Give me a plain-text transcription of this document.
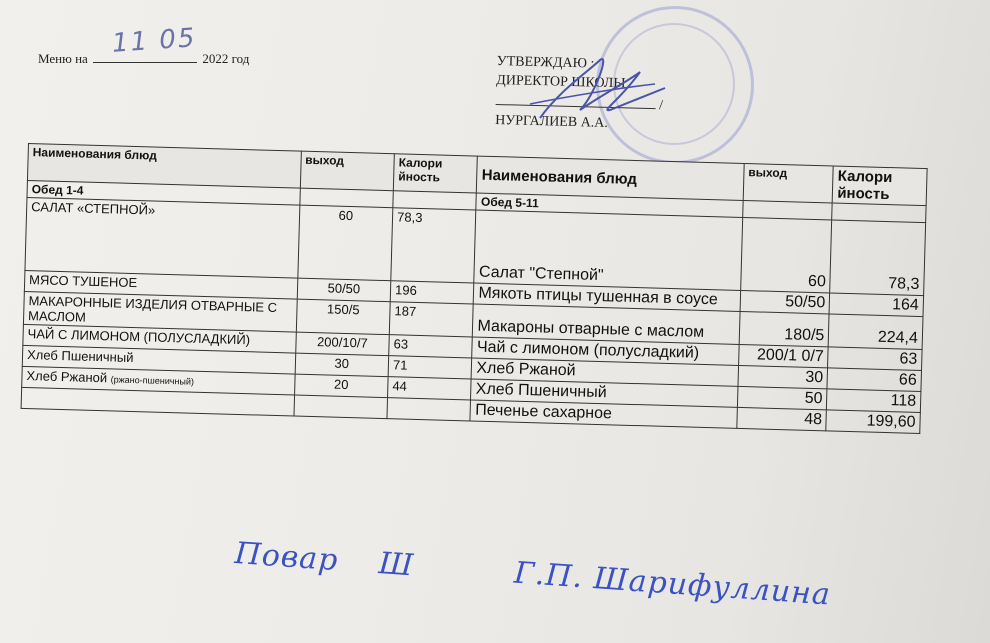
Меню на	2022 год
11 05
УТВЕРЖДАЮ :
ДИРЕКТОР ШКОЛЫ
/
НУРГАЛИЕВ А.А.
Наименования блюд	выход	Калори йность	Наименования блюд	выход	Калори йность
Обед 1-4			Обед 5-11		
САЛАТ «СТЕПНОЙ»	60	78,3	Салат "Степной"	60	78,3
МЯСО ТУШЕНОЕ	50/50	196	Мякоть птицы тушенная в соусе	50/50	164
МАКАРОННЫЕ ИЗДЕЛИЯ ОТВАРНЫЕ С МАСЛОМ	150/5	187	Макароны отварные с маслом	180/5	224,4
ЧАЙ С ЛИМОНОМ (ПОЛУСЛАДКИЙ)	200/10/7	63	Чай с лимоном (полусладкий)	200/1 0/7	63
Хлеб Пшеничный	30	71	Хлеб Ржаной	30	66
Хлеб Ржаной (ржано-пшеничный)	20	44	Хлеб Пшеничный	50	118
			Печенье сахарное	48	199,60
Повар Ш	Г.П. Шарифуллина
